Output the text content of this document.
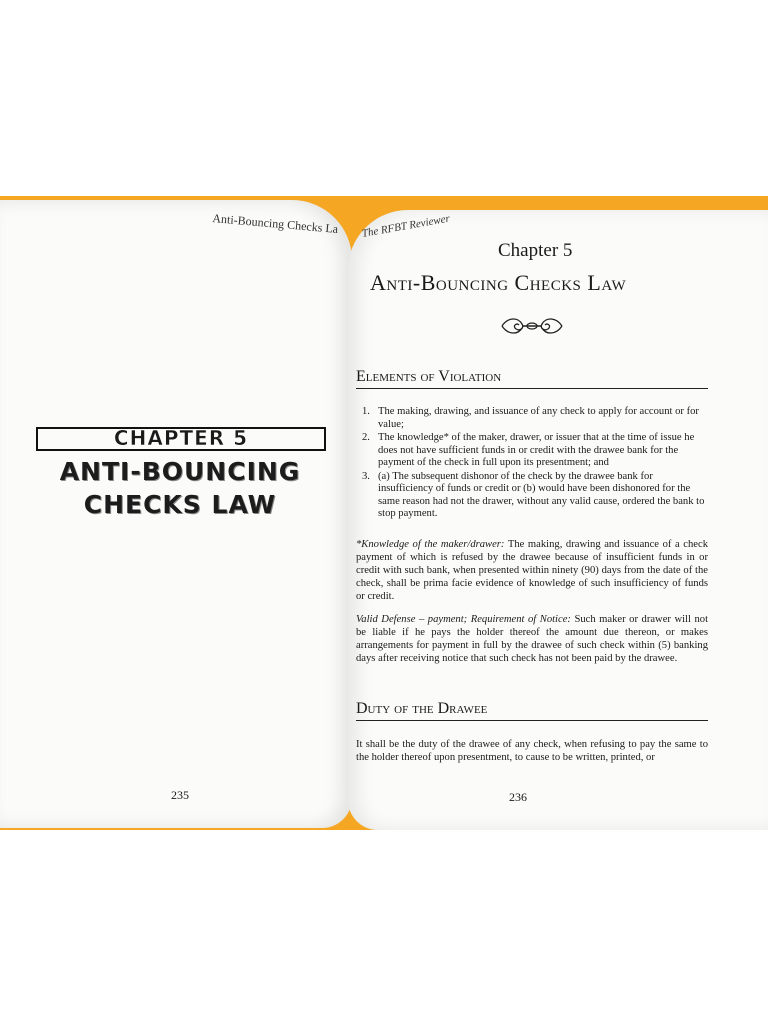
Anti-Bouncing Checks La
CHAPTER 5
ANTI-BOUNCING
CHECKS LAW
235
The RFBT Reviewer
Chapter 5
Anti-Bouncing Checks Law
Elements of Violation
1. The making, drawing, and issuance of any check to apply for account or for value;
2. The knowledge* of the maker, drawer, or issuer that at the time of issue he does not have sufficient funds in or credit with the drawee bank for the payment of the check in full upon its presentment; and
3. (a) The subsequent dishonor of the check by the drawee bank for insufficiency of funds or credit or (b) would have been dishonored for the same reason had not the drawer, without any valid cause, ordered the bank to stop payment.
*Knowledge of the maker/drawer: The making, drawing and issuance of a check payment of which is refused by the drawee because of insufficient funds in or credit with such bank, when presented within ninety (90) days from the date of the check, shall be prima facie evidence of knowledge of such insufficiency of funds or credit.
Valid Defense – payment; Requirement of Notice: Such maker or drawer will not be liable if he pays the holder thereof the amount due thereon, or makes arrangements for payment in full by the drawee of such check within (5) banking days after receiving notice that such check has not been paid by the drawee.
Duty of the Drawee
It shall be the duty of the drawee of any check, when refusing to pay the same to the holder thereof upon presentment, to cause to be written, printed, or
236
